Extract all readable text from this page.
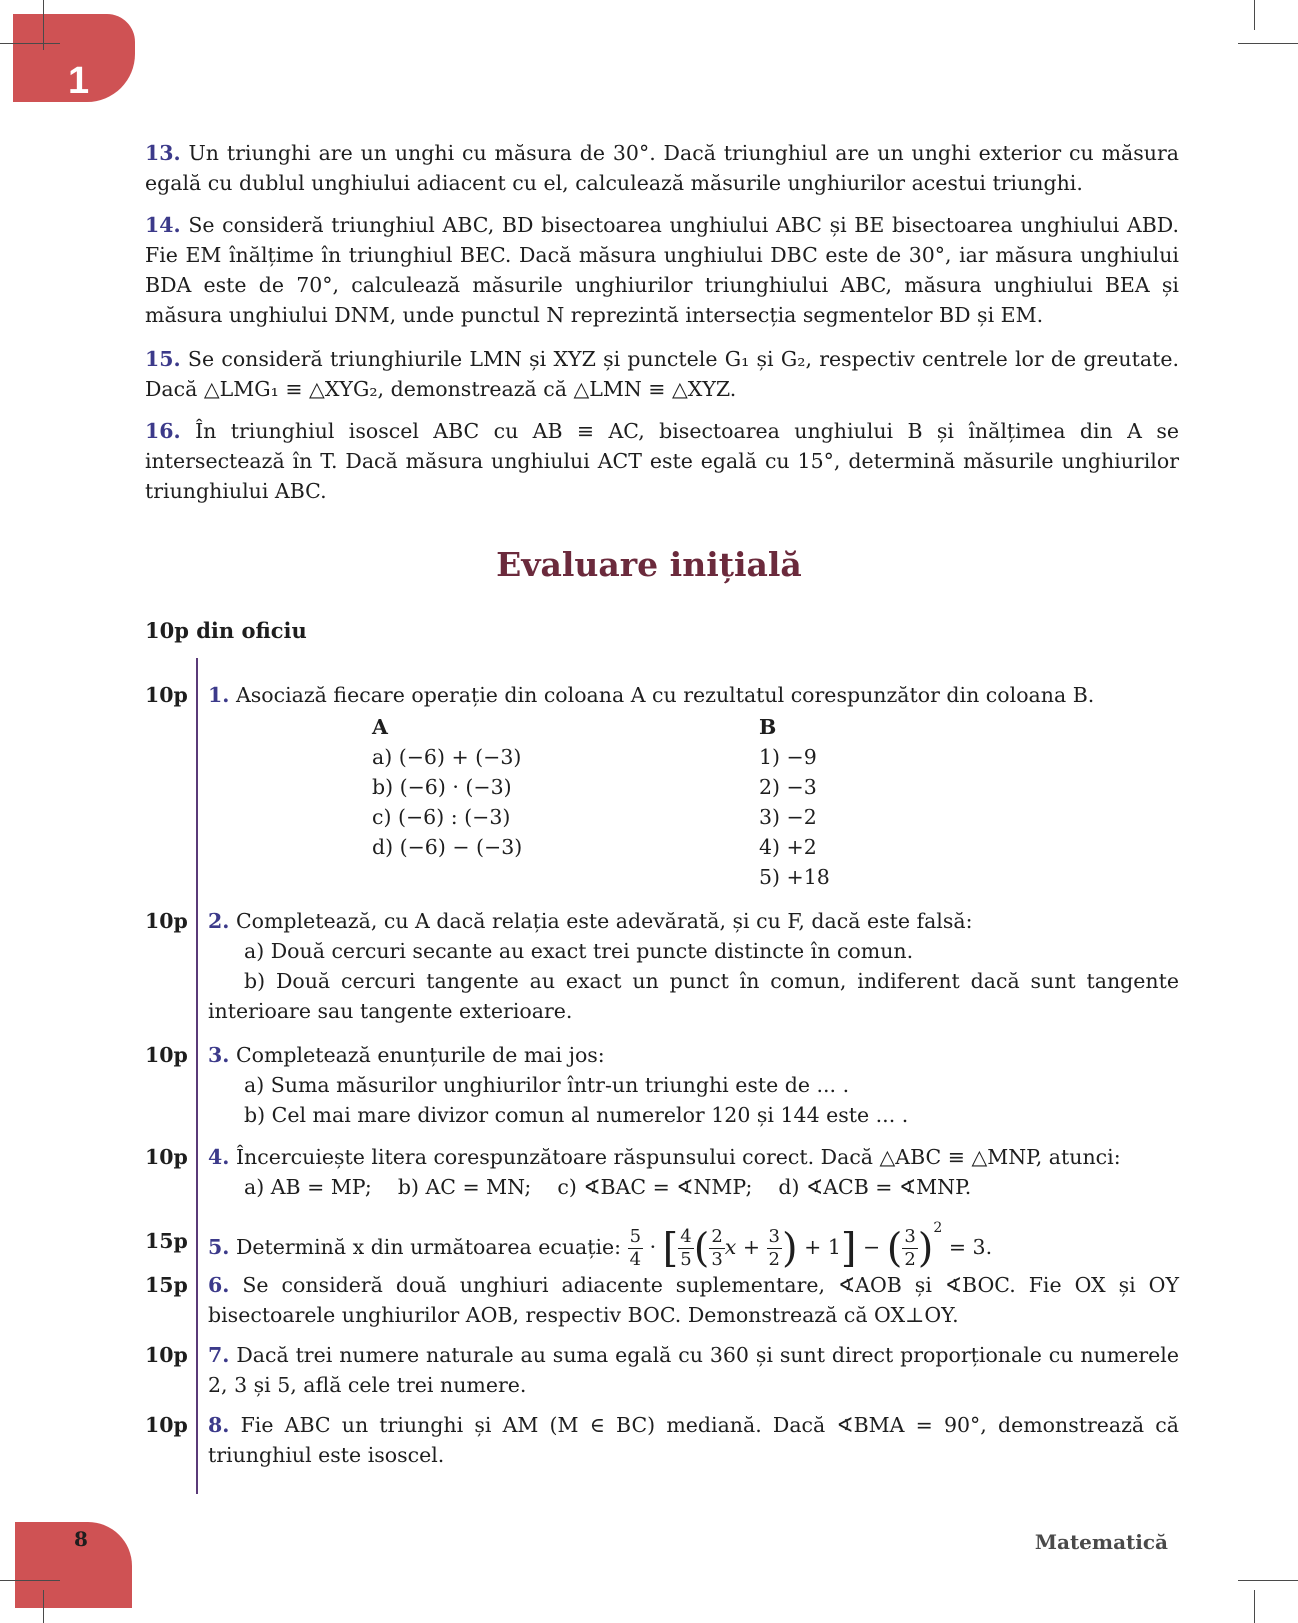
1
13. Un triunghi are un unghi cu măsura de 30°. Dacă triunghiul are un unghi exterior cu măsura egală cu dublul unghiului adiacent cu el, calculează măsurile unghiurilor acestui triunghi.
14. Se consideră triunghiul ABC, BD bisectoarea unghiului ABC și BE bisectoarea unghiului ABD. Fie EM înălțime în triunghiul BEC. Dacă măsura unghiului DBC este de 30°, iar măsura unghiului BDA este de 70°, calculează măsurile unghiurilor triunghiului ABC, măsura unghiului BEA și măsura unghiului DNM, unde punctul N reprezintă intersecția segmentelor BD și EM.
15. Se consideră triunghiurile LMN și XYZ și punctele G₁ și G₂, respectiv centrele lor de greutate. Dacă △LMG₁ ≡ △XYG₂, demonstrează că △LMN ≡ △XYZ.
16. În triunghiul isoscel ABC cu AB ≡ AC, bisectoarea unghiului B și înălțimea din A se intersectează în T. Dacă măsura unghiului ACT este egală cu 15°, determină măsurile unghiurilor triunghiului ABC.
Evaluare inițială
10p din oficiu
10p 1. Asociază fiecare operație din coloana A cu rezultatul corespunzător din coloana B.
A
a) (−6) + (−3)
b) (−6) · (−3)
c) (−6) : (−3)
d) (−6) − (−3)
B
1) −9
2) −3
3) −2
4) +2
5) +18
10p 2. Completează, cu A dacă relația este adevărată, și cu F, dacă este falsă:
a) Două cercuri secante au exact trei puncte distincte în comun.
b) Două cercuri tangente au exact un punct în comun, indiferent dacă sunt tangente interioare sau tangente exterioare.
10p 3. Completează enunțurile de mai jos:
a) Suma măsurilor unghiurilor într-un triunghi este de ... .
b) Cel mai mare divizor comun al numerelor 120 și 144 este ... .
10p 4. Încercuiește litera corespunzătoare răspunsului corect. Dacă △ABC ≡ △MNP, atunci:
a) AB = MP;    b) AC = MN;    c) ∢BAC = ∢NMP;    d) ∢ACB = ∢MNP.
15p 5. Determină x din următoarea ecuație: $\frac{5}{4}$ · [ $\frac{4}{5}$ ( $\frac{2}{3}$ $x + \frac{3}{2}$ ) + 1] − ( $\frac{3}{2} )^2 = 3$.
15p 6. Se consideră două unghiuri adiacente suplementare, ∢AOB și ∢BOC. Fie OX și OY bisectoarele unghiurilor AOB, respectiv BOC. Demonstrează că OX⊥OY.
10p 7. Dacă trei numere naturale au suma egală cu 360 și sunt direct proporționale cu numerele 2, 3 și 5, află cele trei numere.
10p 8. Fie ABC un triunghi și AM (M ∈ BC) mediană. Dacă ∢BMA = 90°, demonstrează că triunghiul este isoscel.
8	Matematică
